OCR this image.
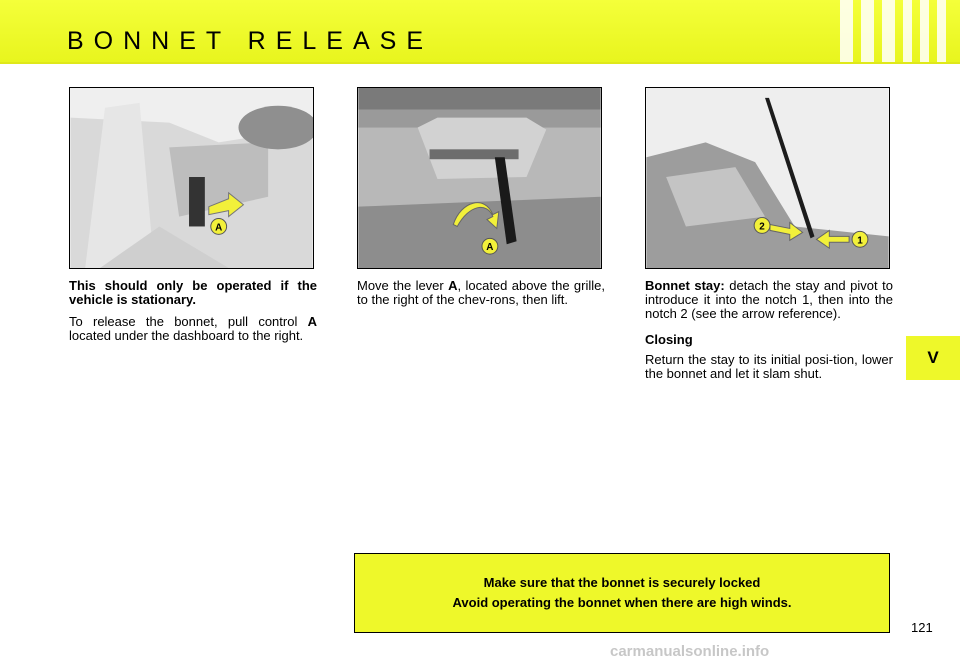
BONNET RELEASE
V
A
A
2
1

This should only be operated if the vehicle is stationary.

To release the bonnet, pull control A located under the dashboard to the right.

Move the lever A, located above the grille, to the right of the chev-rons, then lift.

Bonnet stay: detach the stay and pivot to introduce it into the notch 1, then into the notch 2 (see the arrow reference).

Closing

Return the stay to its initial posi-tion, lower the bonnet and let it slam shut.

Make sure that the bonnet is securely locked
Avoid operating the bonnet when there are high winds.
121
carmanualsonline.info
